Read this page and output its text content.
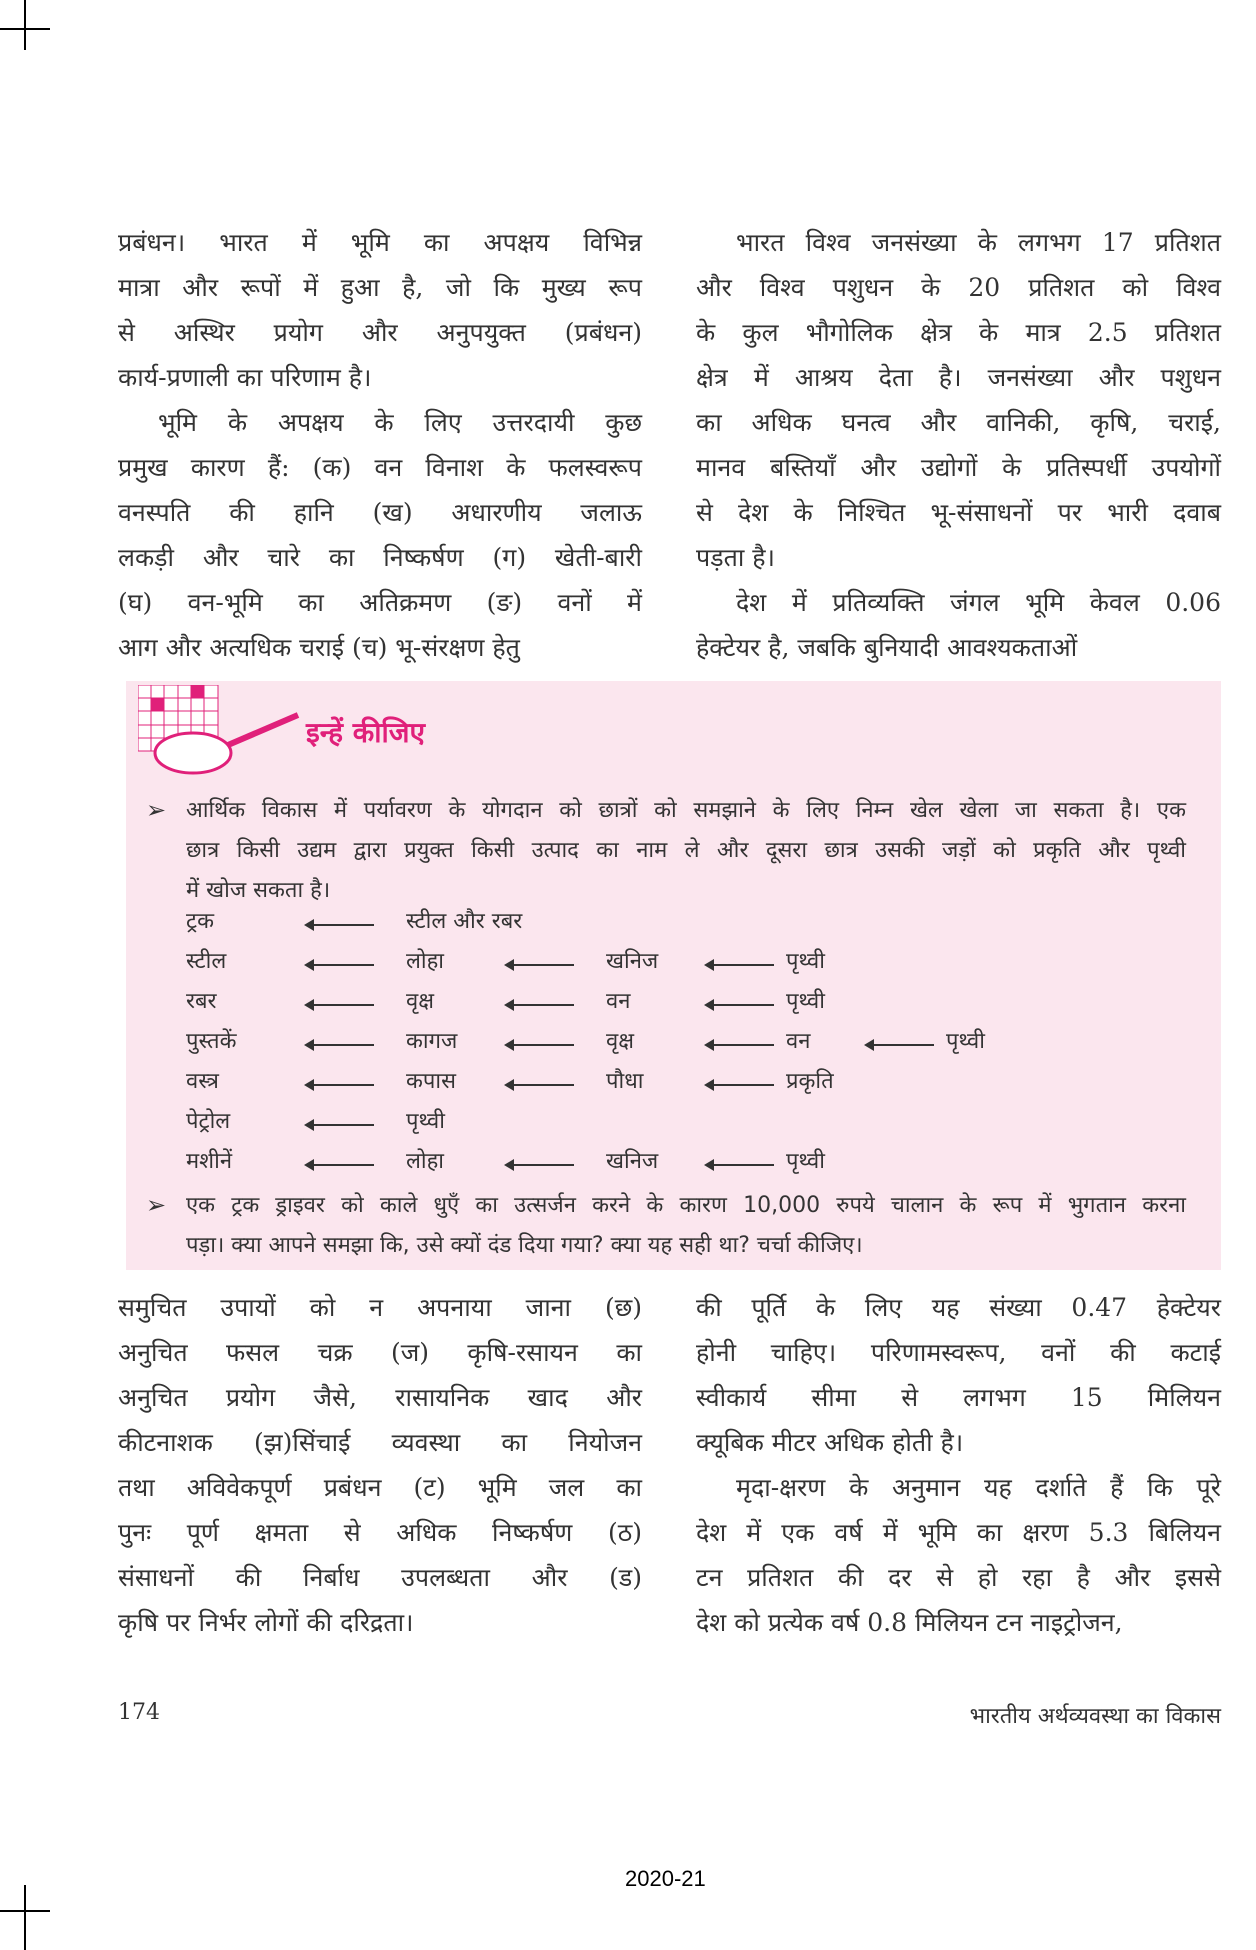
प्रबंधन। भारत में भूमि का अपक्षय विभिन्न
मात्रा और रूपों में हुआ है, जो कि मुख्य रूप
से अस्थिर प्रयोग और अनुपयुक्त (प्रबंधन)
कार्य-प्रणाली का परिणाम है।
भूमि के अपक्षय के लिए उत्तरदायी कुछ
प्रमुख कारण हैं: (क) वन विनाश के फलस्वरूप
वनस्पति की हानि (ख) अधारणीय जलाऊ
लकड़ी और चारे का निष्कर्षण (ग) खेती-बारी
(घ) वन-भूमि का अतिक्रमण (ङ) वनों में
आग और अत्यधिक चराई (च) भू-संरक्षण हेतु
भारत विश्व जनसंख्या के लगभग 17 प्रतिशत
और विश्व पशुधन के 20 प्रतिशत को विश्व
के कुल भौगोलिक क्षेत्र के मात्र 2.5 प्रतिशत
क्षेत्र में आश्रय देता है। जनसंख्या और पशुधन
का अधिक घनत्व और वानिकी, कृषि, चराई,
मानव बस्तियाँ और उद्योगों के प्रतिस्पर्धी उपयोगों
से देश के निश्चित भू-संसाधनों पर भारी दवाब
पड़ता है।
देश में प्रतिव्यक्ति जंगल भूमि केवल 0.06
हेक्टेयर है, जबकि बुनियादी आवश्यकताओं
इन्हें कीजिए
➢ आर्थिक विकास में पर्यावरण के योगदान को छात्रों को समझाने के लिए निम्न खेल खेला जा सकता है। एक
छात्र किसी उद्यम द्वारा प्रयुक्त किसी उत्पाद का नाम ले और दूसरा छात्र उसकी जड़ों को प्रकृति और पृथ्वी
में खोज सकता है।
ट्रक	स्टील और रबर
स्टील	लोहा	खनिज	पृथ्वी
रबर	वृक्ष	वन	पृथ्वी
पुस्तकें	कागज	वृक्ष	वन	पृथ्वी
वस्त्र	कपास	पौधा	प्रकृति
पेट्रोल	पृथ्वी
मशीनें	लोहा	खनिज	पृथ्वी
➢ एक ट्रक ड्राइवर को काले धुएँ का उत्सर्जन करने के कारण 10,000 रुपये चालान के रूप में भुगतान करना
पड़ा। क्या आपने समझा कि, उसे क्यों दंड दिया गया? क्या यह सही था? चर्चा कीजिए।
समुचित उपायों को न अपनाया जाना (छ)
अनुचित फसल चक्र (ज) कृषि-रसायन का
अनुचित प्रयोग जैसे, रासायनिक खाद और
कीटनाशक (झ)सिंचाई व्यवस्था का नियोजन
तथा अविवेकपूर्ण प्रबंधन (ट) भूमि जल का
पुनः पूर्ण क्षमता से अधिक निष्कर्षण (ठ)
संसाधनों की निर्बाध उपलब्धता और (ड)
कृषि पर निर्भर लोगों की दरिद्रता।
की पूर्ति के लिए यह संख्या 0.47 हेक्टेयर
होनी चाहिए। परिणामस्वरूप, वनों की कटाई
स्वीकार्य सीमा से लगभग 15 मिलियन
क्यूबिक मीटर अधिक होती है।
मृदा-क्षरण के अनुमान यह दर्शाते हैं कि पूरे
देश में एक वर्ष में भूमि का क्षरण 5.3 बिलियन
टन प्रतिशत की दर से हो रहा है और इससे
देश को प्रत्येक वर्ष 0.8 मिलियन टन नाइट्रोजन,
174	भारतीय अर्थव्यवस्था का विकास
2020-21
